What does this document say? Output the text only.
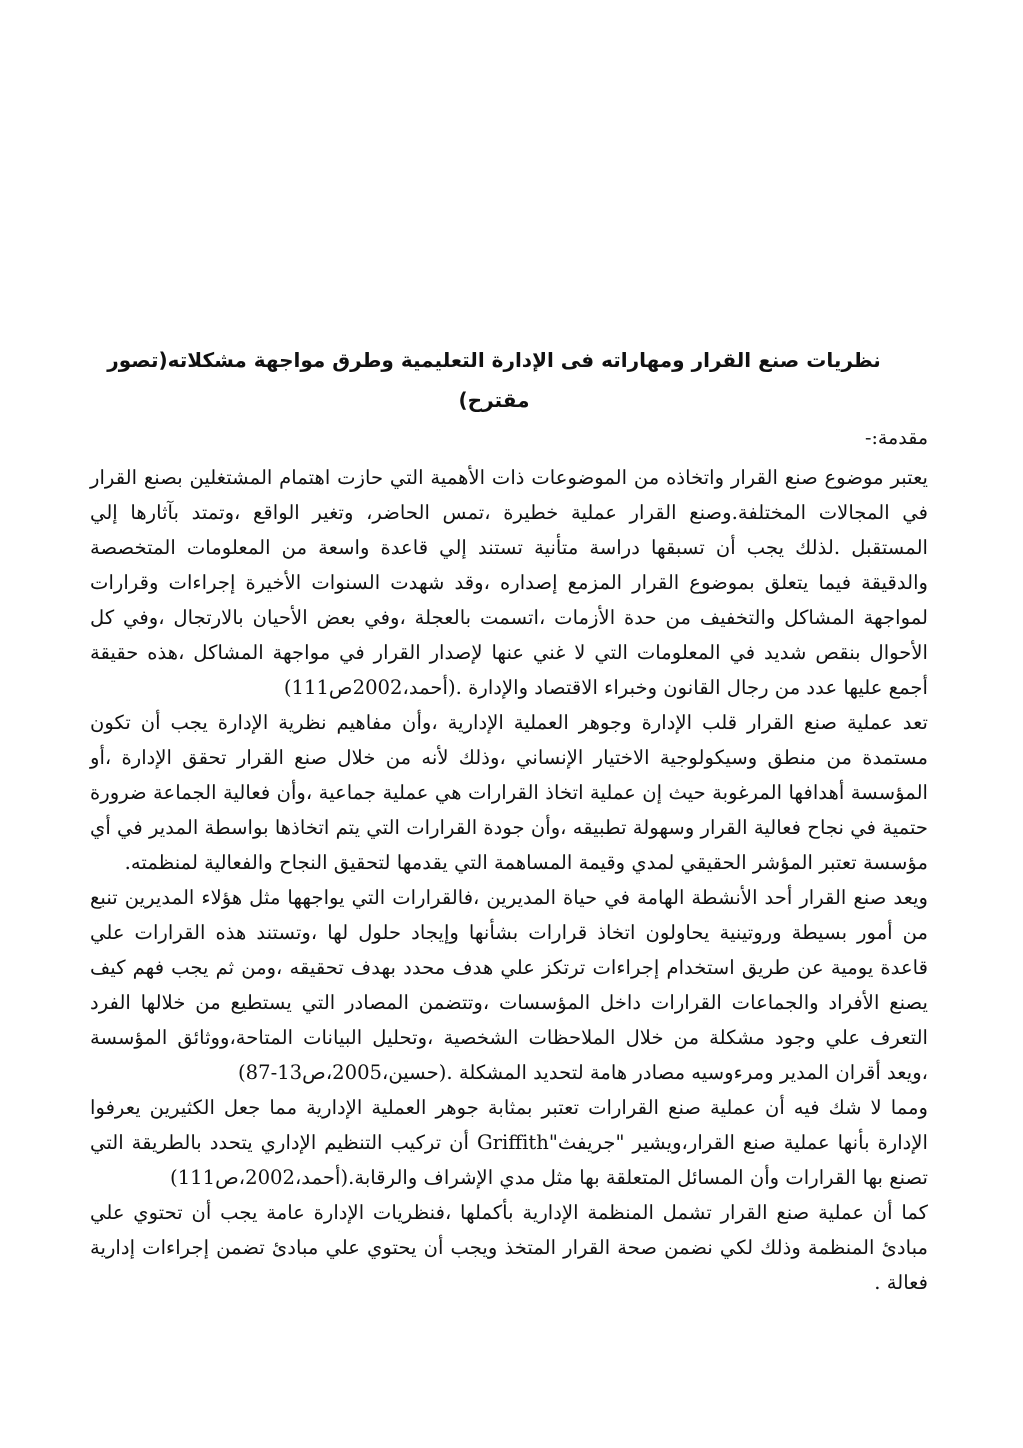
نظريات صنع القرار ومهاراته فى الإدارة التعليمية وطرق مواجهة مشكلاته(تصور مقترح)
مقدمة:-

يعتبر موضوع صنع القرار واتخاذه من الموضوعات ذات الأهمية التي حازت اهتمام المشتغلين بصنع القرار في المجالات المختلفة.وصنع القرار عملية خطيرة ،تمس الحاضر، وتغير الواقع ،وتمتد بآثارها إلي المستقبل .لذلك يجب أن تسبقها دراسة متأنية تستند إلي قاعدة واسعة من المعلومات المتخصصة والدقيقة فيما يتعلق بموضوع القرار المزمع إصداره ،وقد شهدت السنوات الأخيرة إجراءات وقرارات لمواجهة المشاكل والتخفيف من حدة الأزمات ،اتسمت بالعجلة ،وفي بعض الأحيان بالارتجال ،وفي كل الأحوال بنقص شديد في المعلومات التي لا غني عنها لإصدار القرار في مواجهة المشاكل ،هذه حقيقة أجمع عليها عدد من رجال القانون وخبراء الاقتصاد والإدارة .(أحمد،2002ص111)

تعد عملية صنع القرار قلب الإدارة وجوهر العملية الإدارية ،وأن مفاهيم نظرية الإدارة يجب أن تكون مستمدة من منطق وسيكولوجية الاختيار الإنساني ،وذلك لأنه من خلال صنع القرار تحقق الإدارة ،أو المؤسسة أهدافها المرغوبة حيث إن عملية اتخاذ القرارات هي عملية جماعية ،وأن فعالية الجماعة ضرورة حتمية في نجاح فعالية القرار وسهولة تطبيقه ،وأن جودة القرارات التي يتم اتخاذها بواسطة المدير في أي مؤسسة تعتبر المؤشر الحقيقي لمدي وقيمة المساهمة التي يقدمها لتحقيق النجاح والفعالية لمنظمته.

ويعد صنع القرار أحد الأنشطة الهامة في حياة المديرين ،فالقرارات التي يواجهها مثل هؤلاء المديرين تنبع من أمور بسيطة وروتينية يحاولون اتخاذ قرارات بشأنها وإيجاد حلول لها ،وتستند هذه القرارات علي قاعدة يومية عن طريق استخدام إجراءات ترتكز علي هدف محدد بهدف تحقيقه ،ومن ثم يجب فهم كيف يصنع الأفراد والجماعات القرارات داخل المؤسسات ،وتتضمن المصادر التي يستطيع من خلالها الفرد التعرف علي وجود مشكلة من خلال الملاحظات الشخصية ،وتحليل البيانات المتاحة،ووثائق المؤسسة ،ويعد أقران المدير ومرءوسيه مصادر هامة لتحديد المشكلة .(حسين،2005،ص13-87)

ومما لا شك فيه أن عملية صنع القرارات تعتبر بمثابة جوهر العملية الإدارية مما جعل الكثيرين يعرفوا الإدارة بأنها عملية صنع القرار،ويشير "جريفث"Griffith أن تركيب التنظيم الإداري يتحدد بالطريقة التي تصنع بها القرارات وأن المسائل المتعلقة بها مثل مدي الإشراف والرقابة.(أحمد،2002،ص111)

كما أن عملية صنع القرار تشمل المنظمة الإدارية بأكملها ،فنظريات الإدارة عامة يجب أن تحتوي علي مبادئ المنظمة وذلك لكي نضمن صحة القرار المتخذ ويجب أن يحتوي علي مبادئ تضمن إجراءات إدارية فعالة .
